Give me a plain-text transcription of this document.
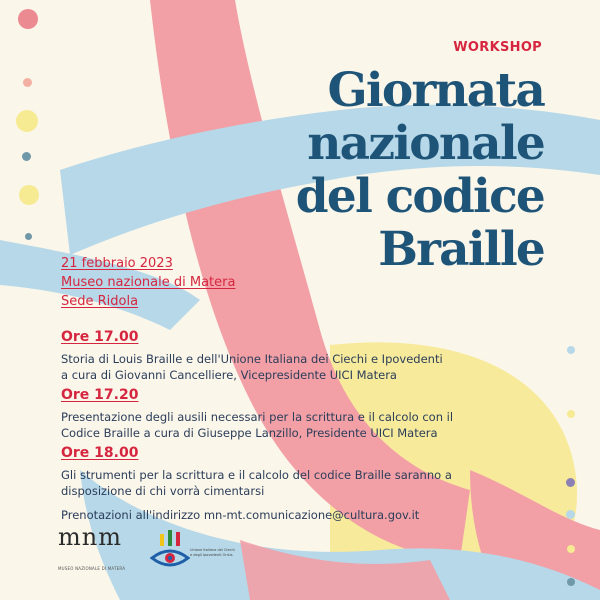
WORKSHOP
Giornata
nazionale
del codice
Braille
21 febbraio 2023
Museo nazionale di Matera
Sede Ridola
Ore 17.00
Storia di Louis Braille e dell'Unione Italiana dei Ciechi e Ipovedenti
a cura di Giovanni Cancelliere, Vicepresidente UICI Matera
Ore 17.20
Presentazione degli ausili necessari per la scrittura e il calcolo con il
Codice Braille a cura di Giuseppe Lanzillo, Presidente UICI Matera
Ore 18.00
Gli strumenti per la scrittura e il calcolo del codice Braille saranno a
disposizione di chi vorrà cimentarsi
Prenotazioni all'indirizzo mn-mt.comunicazione@cultura.gov.it
mnm
MUSEO NAZIONALE DI MATERA
Unione Italiana dei Ciechi e degli Ipovedenti Onlus
